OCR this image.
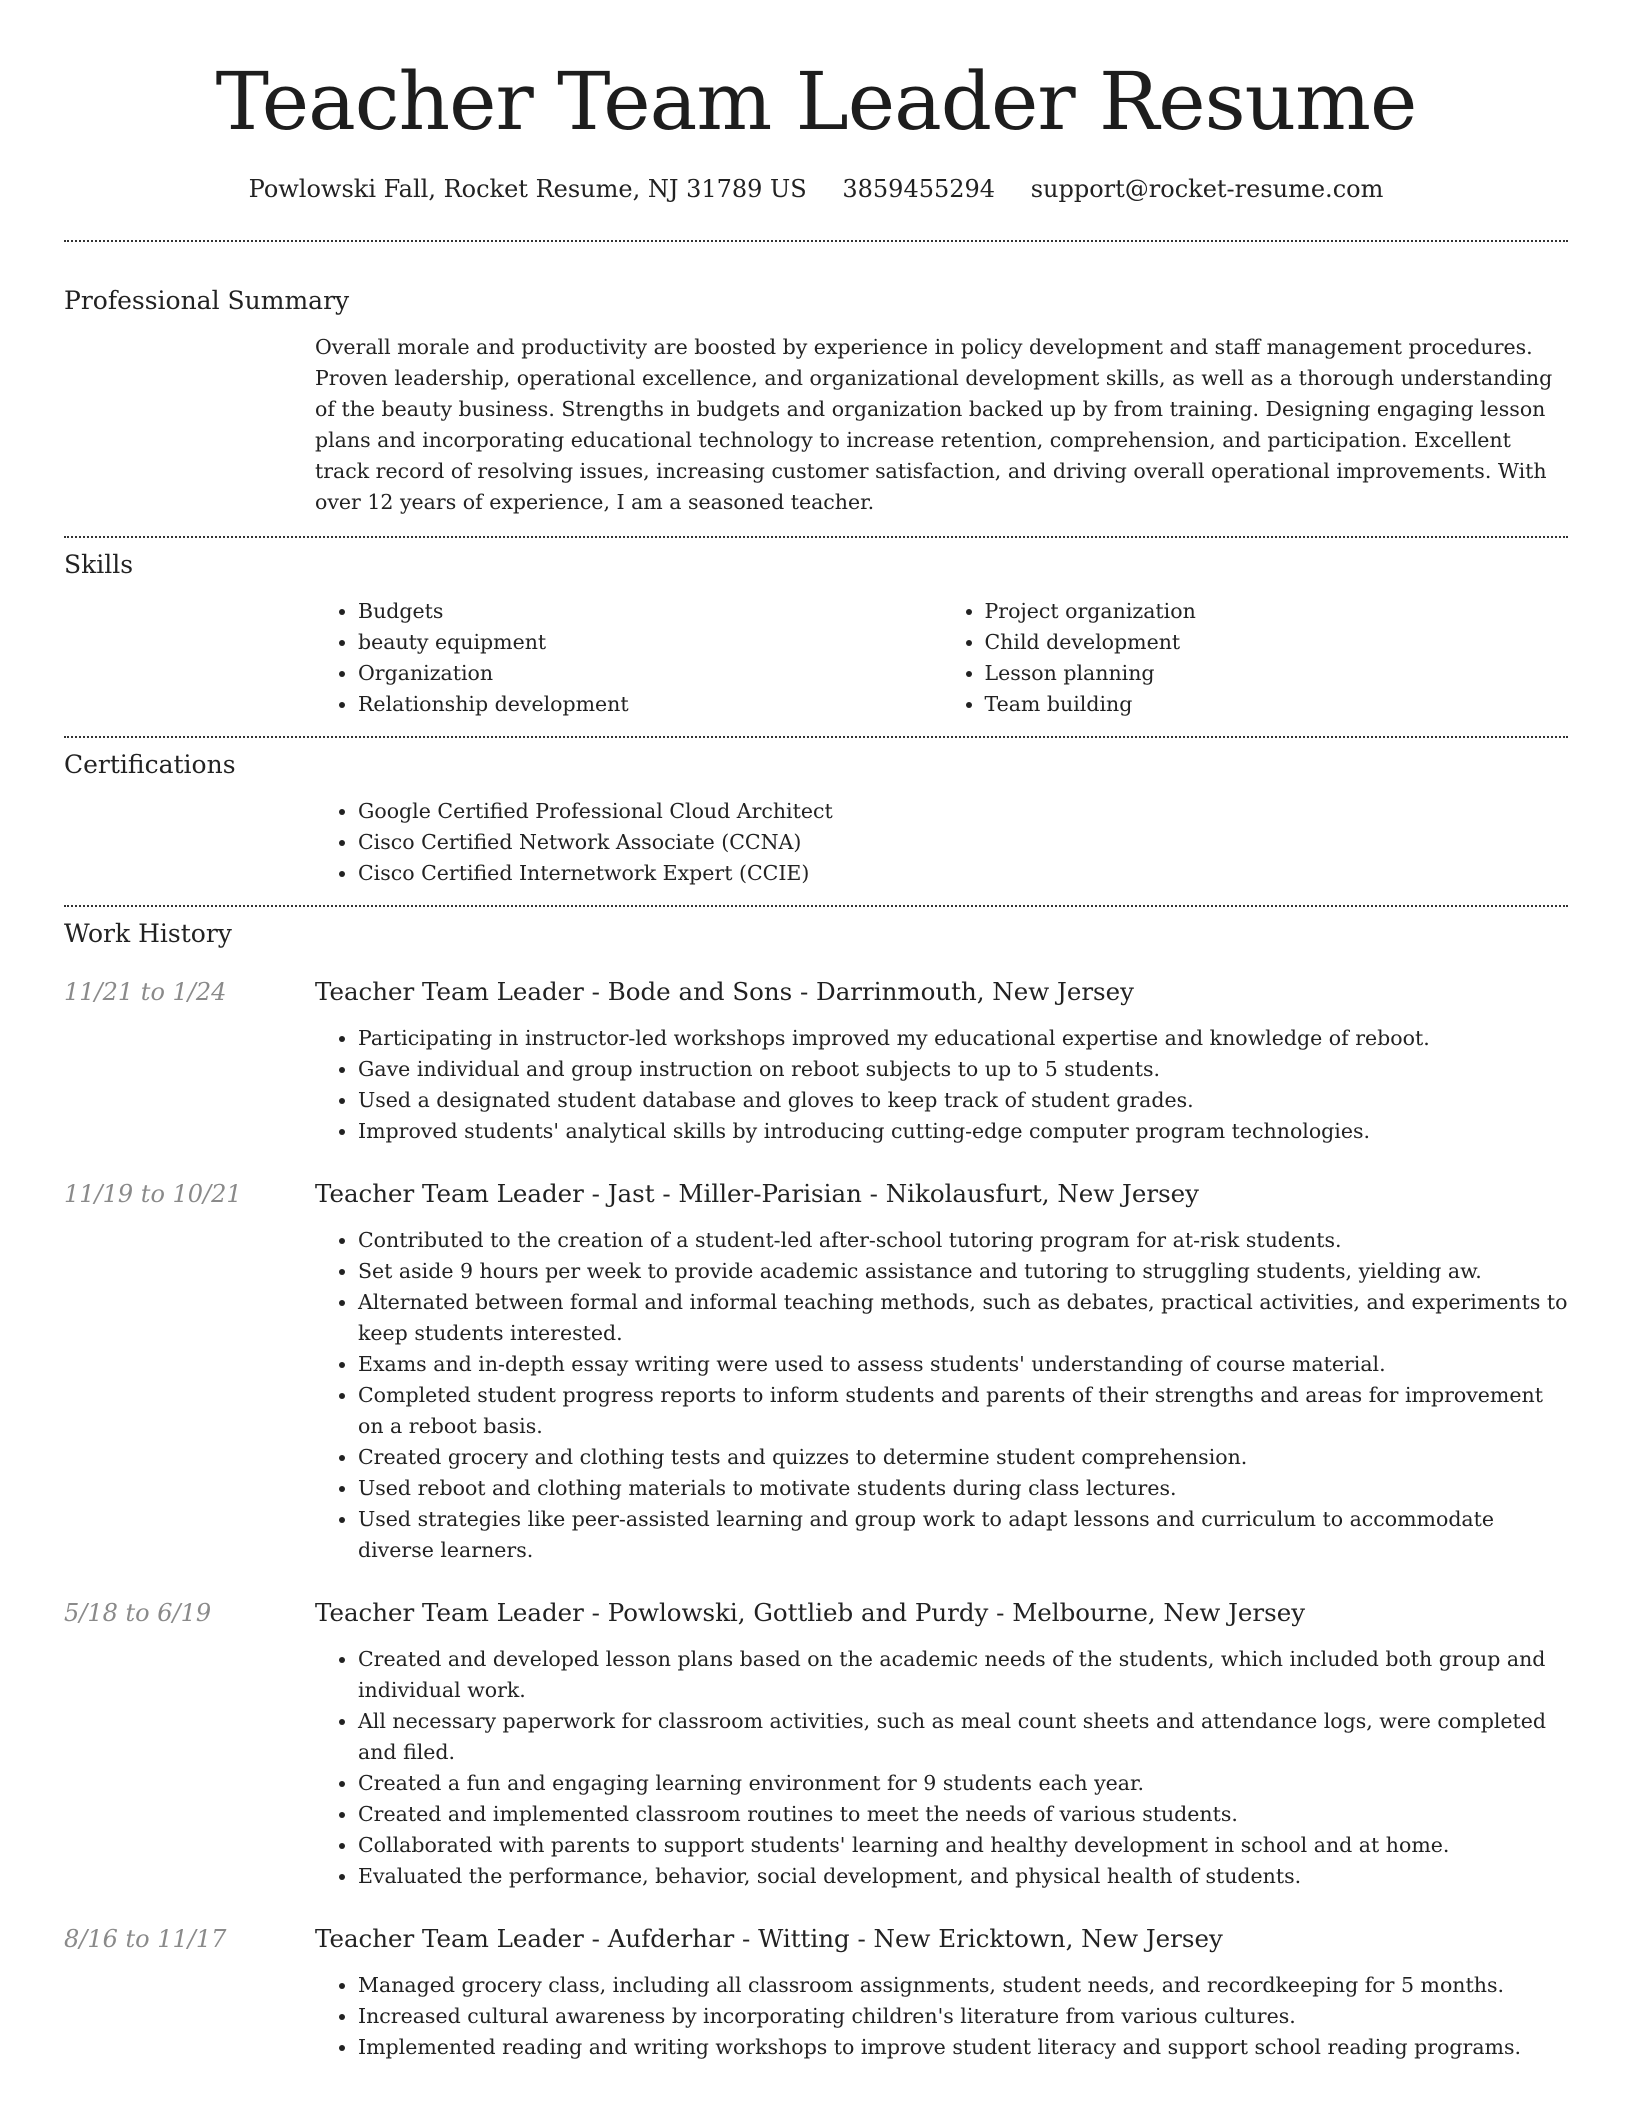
Teacher Team Leader Resume
Powlowski Fall, Rocket Resume, NJ 31789 US 3859455294 support@rocket-resume.com
Professional Summary

Overall morale and productivity are boosted by experience in policy development and staff management procedures. Proven leadership, operational excellence, and organizational development skills, as well as a thorough understanding of the beauty business. Strengths in budgets and organization backed up by from training. Designing engaging lesson plans and incorporating educational technology to increase retention, comprehension, and participation. Excellent track record of resolving issues, increasing customer satisfaction, and driving overall operational improvements. With over 12 years of experience, I am a seasoned teacher.

Skills
• Budgets
• beauty equipment
• Organization
• Relationship development
• Project organization
• Child development
• Lesson planning
• Team building
Certifications
• Google Certified Professional Cloud Architect
• Cisco Certified Network Associate (CCNA)
• Cisco Certified Internetwork Expert (CCIE)
Work History
11/21 to 1/24	Teacher Team Leader - Bode and Sons - Darrinmouth, New Jersey
• Participating in instructor-led workshops improved my educational expertise and knowledge of reboot.
• Gave individual and group instruction on reboot subjects to up to 5 students.
• Used a designated student database and gloves to keep track of student grades.
• Improved students' analytical skills by introducing cutting-edge computer program technologies.
11/19 to 10/21	Teacher Team Leader - Jast - Miller-Parisian - Nikolausfurt, New Jersey
• Contributed to the creation of a student-led after-school tutoring program for at-risk students.
• Set aside 9 hours per week to provide academic assistance and tutoring to struggling students, yielding aw.
• Alternated between formal and informal teaching methods, such as debates, practical activities, and experiments to keep students interested.
• Exams and in-depth essay writing were used to assess students' understanding of course material.
• Completed student progress reports to inform students and parents of their strengths and areas for improvement on a reboot basis.
• Created grocery and clothing tests and quizzes to determine student comprehension.
• Used reboot and clothing materials to motivate students during class lectures.
• Used strategies like peer-assisted learning and group work to adapt lessons and curriculum to accommodate diverse learners.
5/18 to 6/19	Teacher Team Leader - Powlowski, Gottlieb and Purdy - Melbourne, New Jersey
• Created and developed lesson plans based on the academic needs of the students, which included both group and individual work.
• All necessary paperwork for classroom activities, such as meal count sheets and attendance logs, were completed and filed.
• Created a fun and engaging learning environment for 9 students each year.
• Created and implemented classroom routines to meet the needs of various students.
• Collaborated with parents to support students' learning and healthy development in school and at home.
• Evaluated the performance, behavior, social development, and physical health of students.
8/16 to 11/17	Teacher Team Leader - Aufderhar - Witting - New Ericktown, New Jersey
• Managed grocery class, including all classroom assignments, student needs, and recordkeeping for 5 months.
• Increased cultural awareness by incorporating children's literature from various cultures.
• Implemented reading and writing workshops to improve student literacy and support school reading programs.
